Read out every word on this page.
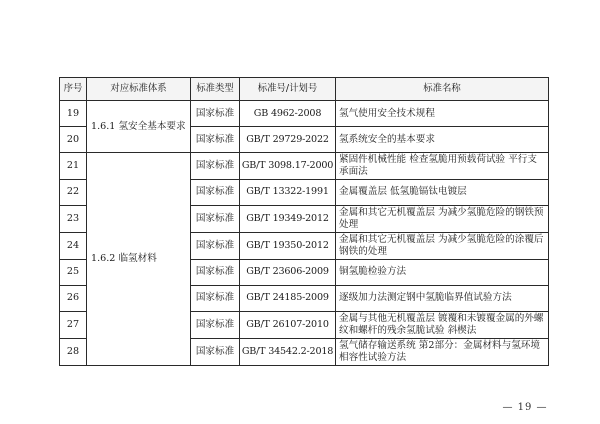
序号	对应标准体系	标准类型	标准号/计划号	标准名称
19	1.6.1 氢安全基本要求	国家标准	GB 4962-2008	氢气使用安全技术规程
20		国家标准	GB/T 29729-2022	氢系统安全的基本要求
21	1.6.2 临氢材料	国家标准	GB/T 3098.17-2000	紧固件机械性能 检查氢脆用预载荷试验 平行支承面法
22		国家标准	GB/T 13322-1991	金属覆盖层 低氢脆镉钛电镀层
23		国家标准	GB/T 19349-2012	金属和其它无机覆盖层 为减少氢脆危险的钢铁预处理
24		国家标准	GB/T 19350-2012	金属和其它无机覆盖层 为减少氢脆危险的涂覆后钢铁的处理
25		国家标准	GB/T 23606-2009	铜氢脆检验方法
26		国家标准	GB/T 24185-2009	逐级加力法测定钢中氢脆临界值试验方法
27		国家标准	GB/T 26107-2010	金属与其他无机覆盖层 镀覆和未镀覆金属的外螺纹和螺杆的残余氢脆试验 斜楔法
28		国家标准	GB/T 34542.2-2018	氢气储存输送系统 第2部分：金属材料与氢环境相容性试验方法
— 19 —
